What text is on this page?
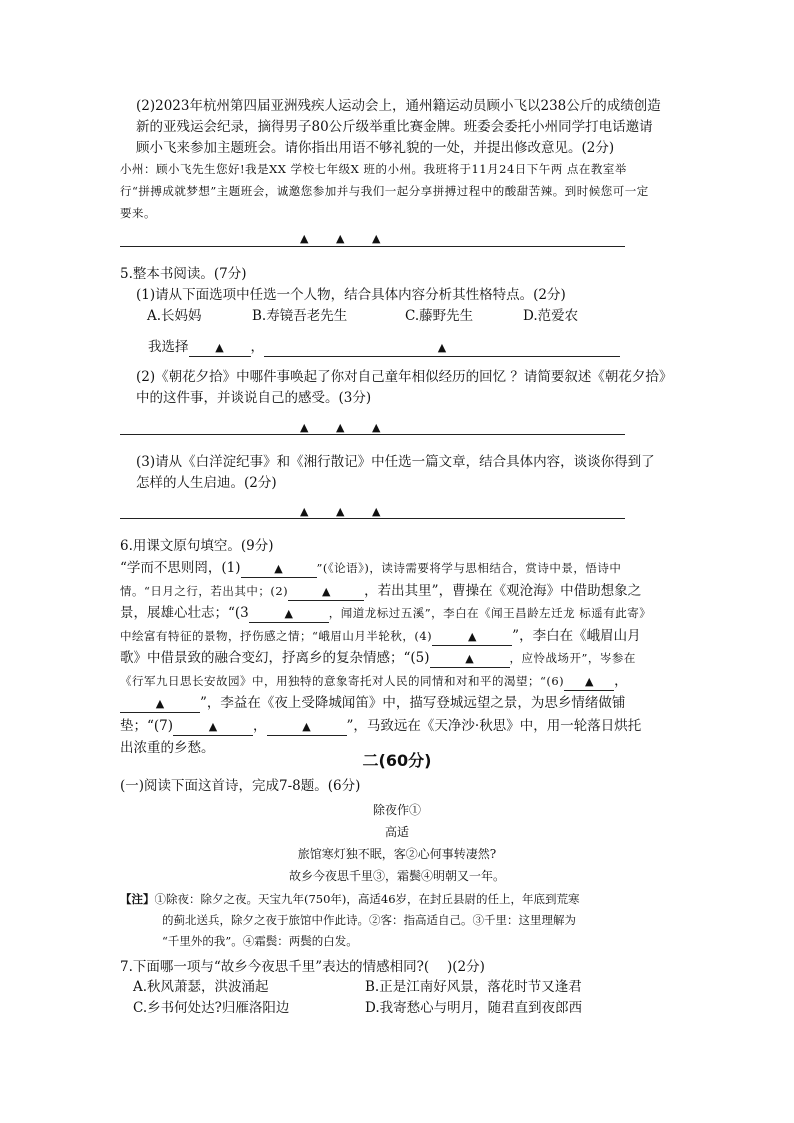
(2)2023年杭州第四届亚洲残疾人运动会上，通州籍运动员顾小飞以238公斤的成绩创造新的亚残运会纪录，摘得男子80公斤级举重比赛金牌。班委会委托小州同学打电话邀请顾小飞来参加主题班会。请你指出用语不够礼貌的一处，并提出修改意见。(2分)
小州：顾小飞先生您好!我是XX 学校七年级X 班的小州。我班将于11月24日下午两 点在教室举行“拼搏成就梦想”主题班会，诚邀您参加并与我们一起分享拼搏过程中的酸甜苦辣。到时候您可一定要来。
▲	▲	▲
5.整本书阅读。(7分)
(1)请从下面选项中任选一个人物，结合具体内容分析其性格特点。(2分)
A.长妈妈	B.寿镜吾老先生	C.藤野先生	D.范爱农
我选择 ▲ ，	▲
(2)《朝花夕拾》中哪件事唤起了你对自己童年相似经历的回忆 ？请简要叙述《朝花夕拾》中的这件事，并谈说自己的感受。(3分)
▲	▲	▲
(3)请从《白洋淀纪事》和《湘行散记》中任选一篇文章，结合具体内容，谈谈你得到了怎样的人生启迪。(2分)
▲	▲	▲
6.用课文原句填空。(9分)
“学而不思则罔，(1)	▲	”(《论语》)，读诗需要将学与思相结合，赏诗中景，悟诗中情。“日月之行，若出其中；(2)	▲	，若出其里”，曹操在《观沧海》中借助想象之景，展雄心壮志；“(3	▲	，闻道龙标过五溪”，李白在《闻王昌龄左迁龙 标遥有此寄》中绘富有特征的景物，抒伤感之情；“峨眉山月半轮秋，(4)	▲	”，李白在《峨眉山月歌》中借景致的融合变幻，抒离乡的复杂情感；“(5)	▲	，应怜战场开”，岑参在《行军九日思长安故园》中，用独特的意象寄托对人民的同情和对和平的渴望；“(6) ▲ ，▲	”，李益在《夜上受降城闻笛》中，描写登城远望之景，为思乡情绪做铺垫；“(7)	▲	，	▲	”，马致远在《天净沙·秋思》中，用一轮落日烘托出浓重的乡愁。
二(60分)
(一)阅读下面这首诗，完成7-8题。(6分)
除夜作①
高适
旅馆寒灯独不眠，客②心何事转凄然?
故乡今夜思千里③，霜鬓④明朝又一年。
【注】①除夜：除夕之夜。天宝九年(750年)，高适46岁，在封丘县尉的任上，年底到荒寒
的蓟北送兵，除夕之夜于旅馆中作此诗。②客：指高适自己。③千里：这里理解为
“千里外的我”。④霜鬓：两鬓的白发。
7.下面哪一项与“故乡今夜思千里”表达的情感相同?(　 )(2分)
A.秋风萧瑟，洪波涌起	B.正是江南好风景，落花时节又逢君
C.乡书何处达?归雁洛阳边	D.我寄愁心与明月，随君直到夜郎西
